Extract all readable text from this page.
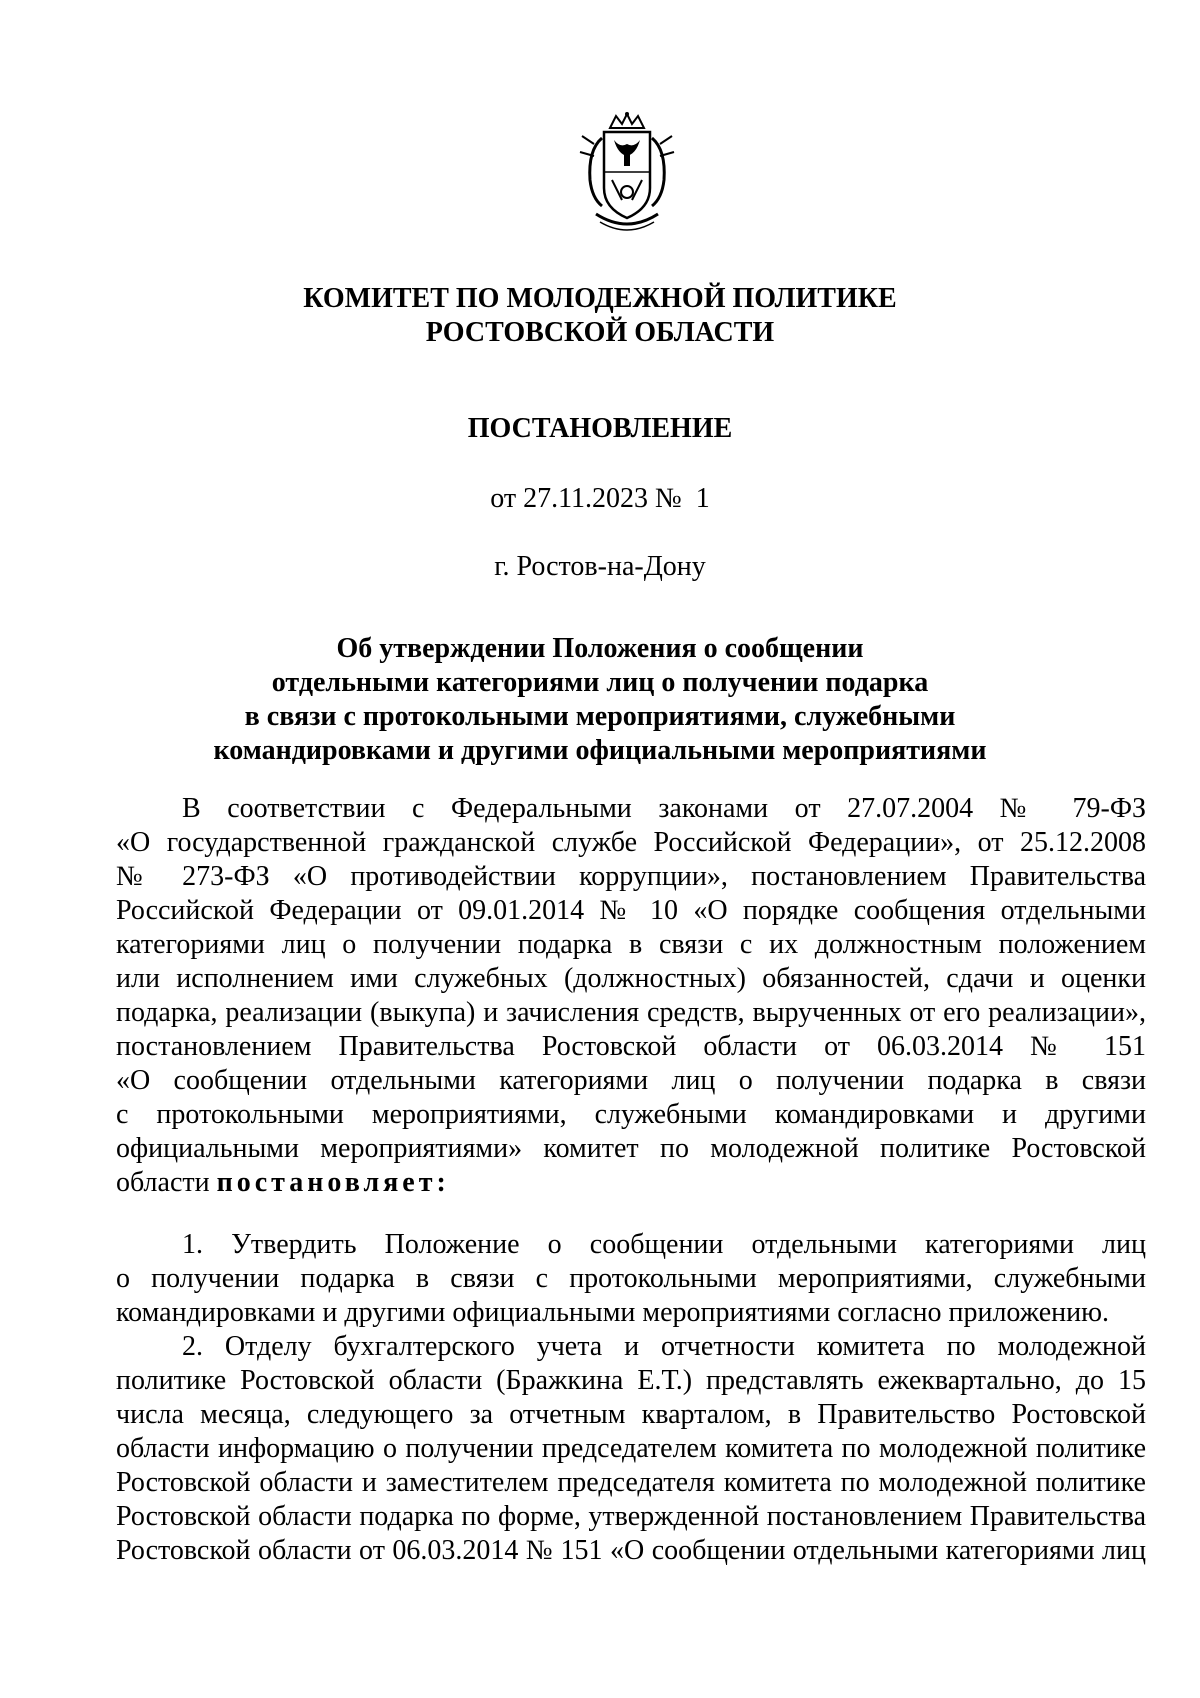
КОМИТЕТ ПО МОЛОДЕЖНОЙ ПОЛИТИКЕ
РОСТОВСКОЙ ОБЛАСТИ
ПОСТАНОВЛЕНИЕ
от 27.11.2023 №  1
г. Ростов-на-Дону
Об утверждении Положения о сообщении
отдельными категориями лиц о получении подарка
в связи с протокольными мероприятиями, служебными
командировками и другими официальными мероприятиями
В соответствии с Федеральными законами от 27.07.2004 № 79-ФЗ
«О государственной гражданской службе Российской Федерации», от 25.12.2008
№ 273-ФЗ «О противодействии коррупции», постановлением Правительства
Российской Федерации от 09.01.2014 № 10 «О порядке сообщения отдельными
категориями лиц о получении подарка в связи с их должностным положением
или исполнением ими служебных (должностных) обязанностей, сдачи и оценки
подарка, реализации (выкупа) и зачисления средств, вырученных от его реализации»,
постановлением Правительства Ростовской области от 06.03.2014 № 151
«О сообщении отдельными категориями лиц о получении подарка в связи
с протокольными мероприятиями, служебными командировками и другими
официальными мероприятиями» комитет по молодежной политике Ростовской
области постановляет:
1. Утвердить Положение о сообщении отдельными категориями лиц
о получении подарка в связи с протокольными мероприятиями, служебными
командировками и другими официальными мероприятиями согласно приложению.
2. Отделу бухгалтерского учета и отчетности комитета по молодежной
политике Ростовской области (Бражкина Е.Т.) представлять ежеквартально, до 15
числа месяца, следующего за отчетным кварталом, в Правительство Ростовской
области информацию о получении председателем комитета по молодежной политике
Ростовской области и заместителем председателя комитета по молодежной политике
Ростовской области подарка по форме, утвержденной постановлением Правительства
Ростовской области от 06.03.2014 № 151 «О сообщении отдельными категориями лиц
